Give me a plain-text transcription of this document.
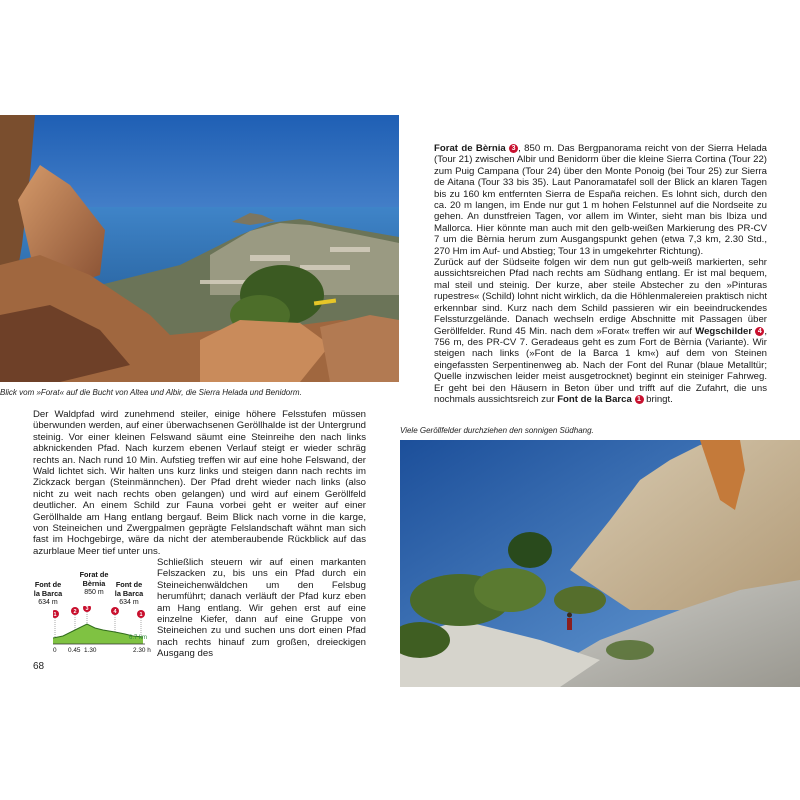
Blick vom »Forat« auf die Bucht von Altea und Albir, die Sierra Helada und Benidorm.

Der Waldpfad wird zunehmend steiler, einige höhere Felsstufen müssen überwunden werden, auf einer überwachsenen Geröllhalde ist der Untergrund steinig. Vor einer kleinen Felswand säumt eine Steinreihe den nach links abknickenden Pfad. Nach kurzem ebenen Verlauf steigt er wieder schräg rechts an. Nach rund 10 Min. Aufstieg treffen wir auf eine hohe Felswand, der Wald lichtet sich. Wir halten uns kurz links und steigen dann nach rechts im Zickzack bergan (Steinmännchen). Der Pfad dreht wieder nach links (also nicht zu weit nach rechts oben gelangen) und wird auf einem Geröllfeld deutlicher. An einem Schild zur Fauna vorbei geht er weiter auf einer Geröllhalde am Hang entlang bergauf. Beim Blick nach vorne in die karge, von Steineichen und Zwergpalmen geprägte Felslandschaft wähnt man sich fast im Hochgebirge, wäre da nicht der atemberaubende Rückblick auf das azurblaue Meer tief unter uns.

Font de
la Barca
634 m
Forat de
Bèrnia
850 m
Font de
la Barca
634 m
1	2 3	4	1
6.7 km
0 0.45 1.30	2.30 h

Schließlich steuern wir auf einen markanten Felszacken zu, bis uns ein Pfad durch ein Steineichenwäldchen um den Felsbug herumführt; danach verläuft der Pfad kurz eben am Hang entlang. Wir gehen erst auf eine einzelne Kiefer, dann auf eine Gruppe von Steineichen zu und suchen uns dort einen Pfad nach rechts hinauf zum großen, dreieckigen Ausgang des

68

Forat de Bèrnia 3 , 850 m. Das Bergpanorama reicht von der Sierra Helada (Tour 21) zwischen Albir und Benidorm über die kleine Sierra Cortina (Tour 22) zum Puig Campana (Tour 24) über den Monte Ponoig (bei Tour 25) zur Sierra de Aitana (Tour 33 bis 35). Laut Panoramatafel soll der Blick an klaren Tagen bis zu 160 km entfernten Sierra de España reichen. Es lohnt sich, durch den ca. 20 m langen, im Ende nur gut 1 m hohen Felstunnel auf die Nordseite zu gehen. An dunstfreien Tagen, vor allem im Winter, sieht man bis Ibiza und Mallorca. Hier könnte man auch mit den gelb-weißen Markierung des PR-CV 7 um die Bèrnia herum zum Ausgangspunkt gehen (etwa 7,3 km, 2.30 Std., 270 Hm im Auf- und Abstieg; Tour 13 in umgekehrter Richtung).

Zurück auf der Südseite folgen wir dem nun gut gelb-weiß markierten, sehr aussichtsreichen Pfad nach rechts am Südhang entlang. Er ist mal bequem, mal steil und steinig. Der kurze, aber steile Abstecher zu den »Pinturas rupestres« (Schild) lohnt nicht wirklich, da die Höhlenmalereien praktisch nicht erkennbar sind. Kurz nach dem Schild passieren wir ein beeindruckendes Felssturzgelände. Danach wechseln erdige Abschnitte mit Passagen über Geröllfelder. Rund 45 Min. nach dem »Forat« treffen wir auf Wegschilder 4 , 756 m, des PR-CV 7. Geradeaus geht es zum Fort de Bèrnia (Variante). Wir steigen nach links (»Font de la Barca 1 km«) auf dem von Steinen eingefassten Serpentinenweg ab. Nach der Font del Runar (blaue Metalltür; Quelle inzwischen leider meist ausgetrocknet) beginnt ein steiniger Fahrweg. Er geht bei den Häusern in Beton über und trifft auf die Zufahrt, die uns nochmals aussichtsreich zur Font de la Barca 1 bringt.

Viele Geröllfelder durchziehen den sonnigen Südhang.
